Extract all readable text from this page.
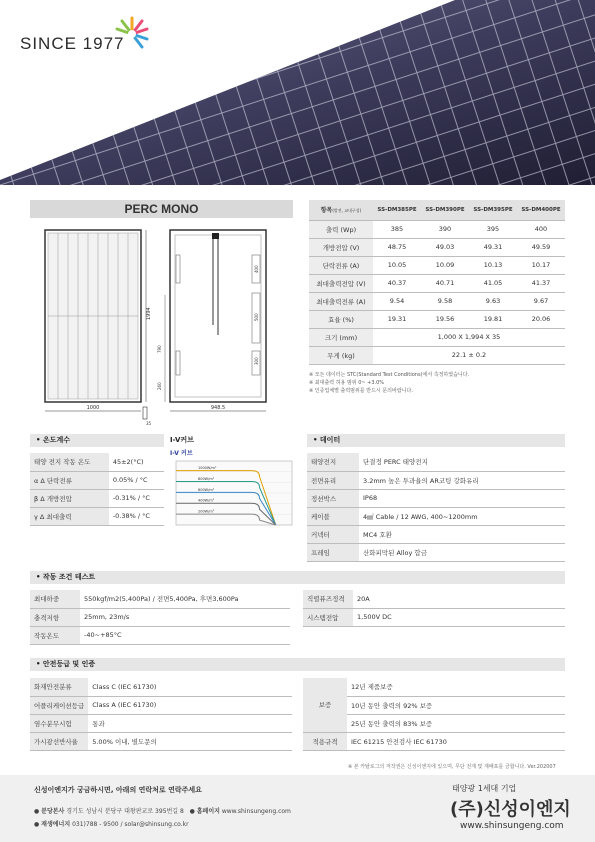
SINCE 1977
PERC MONO
1000
1994
35
400
500
300
790
260
948.5
항목(발전, 교내구성)	SS-DM385PE	SS-DM390PE	SS-DM395PE	SS-DM400PE
출력 (Wp)	385	390	395	400
개방전압 (V)	48.75	49.03	49.31	49.59
단락전류 (A)	10.05	10.09	10.13	10.17
최대출력전압 (V)	40.37	40.71	41.05	41.37
최대출력전류 (A)	9.54	9.58	9.63	9.67
효율 (%)	19.31	19.56	19.81	20.06
크기 (mm)	1,000 X 1,994 X 35			
무게 (kg)	22.1 ± 0.2			
※ 모든 데이터는 STC(Standard Test Conditions)에서 측정하였습니다.
※ 최대출력 허용 범위 0~ +3.0%
※ 인증업체별 출력범위를 반드시 문의바랍니다.
• 온도계수
태양 전지 작동 온도	45±2(°C)
α Δ 단락전류	0.05% / °C
β Δ 개방전압	-0.31% / °C
γ Δ 최대출력	-0.38% / °C
I-V커브
I-V 커브
1000W/m²
800W/m²
600W/m²
400W/m²
200W/m²
• 데이터
태양전지	단결정 PERC 태양전지
전면유리	3.2mm 높은 투과율의 AR코팅 강화유리
정션박스	IP68
케이블	4㎟ Cable / 12 AWG, 400~1200mm
커넥터	MC4 호환
프레임	산화피막된 Alloy 합금
• 작동 조건 테스트
최대하중	550kgf/m2(5,400Pa) / 전면5,400Pa, 후면3,600Pa
충격저항	25mm, 23m/s
작동온도	-40~+85°C
직렬퓨즈정격	20A
시스템전압	1,500V DC
• 안전등급 및 인증
화재안전분류	Class C (IEC 61730)
어플리케이션등급	Class A (IEC 61730)
염수분무시험	통과
가시광선반사율	5.00% 이내, 별도문의
보증	12년 제품보증
	10년 동안 출력의 92% 보증
	25년 동안 출력의 83% 보증
적용규격	IEC 61215 안전검사 IEC 61730
※ 본 카탈로그의 저작권은 신성이엔지에 있으며, 무단 전재 및 재배포를 금합니다. Ver.202007
신성이엔지가 궁금하시면, 아래의 연락처로 연락주세요
● 분당본사 경기도 성남시 분당구 대왕판교로 395번길 8 ● 홈페이지 www.shinsungeng.com
● 재생에너지 031)788 - 9500 / solar@shinsung.co.kr
태양광 1세대 기업
(주)신성이엔지
www.shinsungeng.com
